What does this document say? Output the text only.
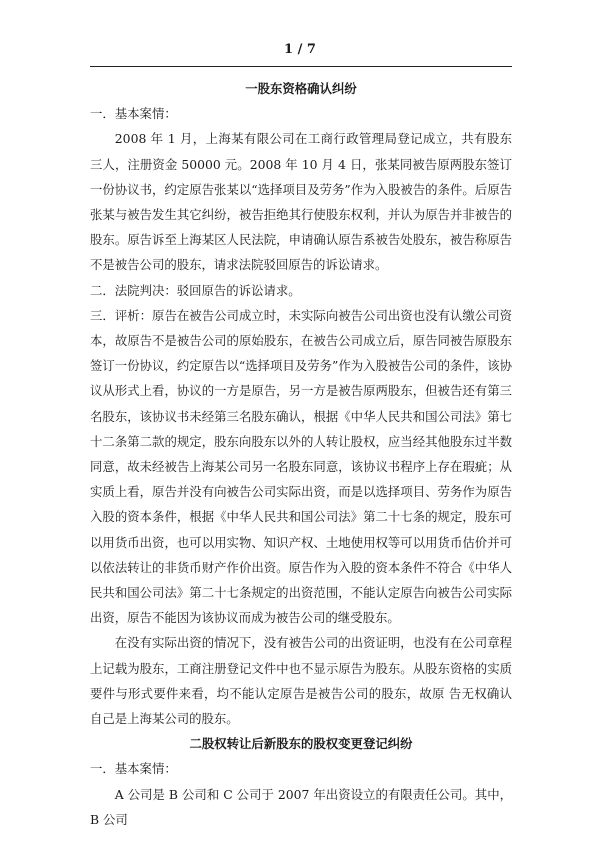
1 / 7

一股东资格确认纠纷

一．基本案情：

2008 年 1 月，上海某有限公司在工商行政管理局登记成立，共有股东三人，注册资金 50000 元。2008 年 10 月 4 日，张某同被告原两股东签订一份协议书，约定原告张某以“选择项目及劳务”作为入股被告的条件。后原告张某与被告发生其它纠纷，被告拒绝其行使股东权利，并认为原告并非被告的股东。原告诉至上海某区人民法院，申请确认原告系被告处股东，被告称原告不是被告公司的股东，请求法院驳回原告的诉讼请求。

二．法院判决：驳回原告的诉讼请求。

三．评析：原告在被告公司成立时，未实际向被告公司出资也没有认缴公司资本，故原告不是被告公司的原始股东，在被告公司成立后，原告同被告原股东签订一份协议，约定原告以“选择项目及劳务”作为入股被告公司的条件，该协议从形式上看，协议的一方是原告，另一方是被告原两股东，但被告还有第三名股东，该协议书未经第三名股东确认，根据《中华人民共和国公司法》第七十二条第二款的规定，股东向股东以外的人转让股权，应当经其他股东过半数同意，故未经被告上海某公司另一名股东同意，该协议书程序上存在瑕疵；从实质上看，原告并没有向被告公司实际出资，而是以选择项目、劳务作为原告入股的资本条件，根据《中华人民共和国公司法》第二十七条的规定，股东可以用货币出资，也可以用实物、知识产权、土地使用权等可以用货币估价并可以依法转让的非货币财产作价出资。原告作为入股的资本条件不符合《中华人民共和国公司法》第二十七条规定的出资范围，不能认定原告向被告公司实际出资，原告不能因为该协议而成为被告公司的继受股东。

在没有实际出资的情况下，没有被告公司的出资证明，也没有在公司章程上记载为股东，工商注册登记文件中也不显示原告为股东。从股东资格的实质要件与形式要件来看，均不能认定原告是被告公司的股东，故原 告无权确认自己是上海某公司的股东。

二股权转让后新股东的股权变更登记纠纷

一．基本案情：

A 公司是 B 公司和 C 公司于 2007 年出资设立的有限责任公司。其中，B 公司
